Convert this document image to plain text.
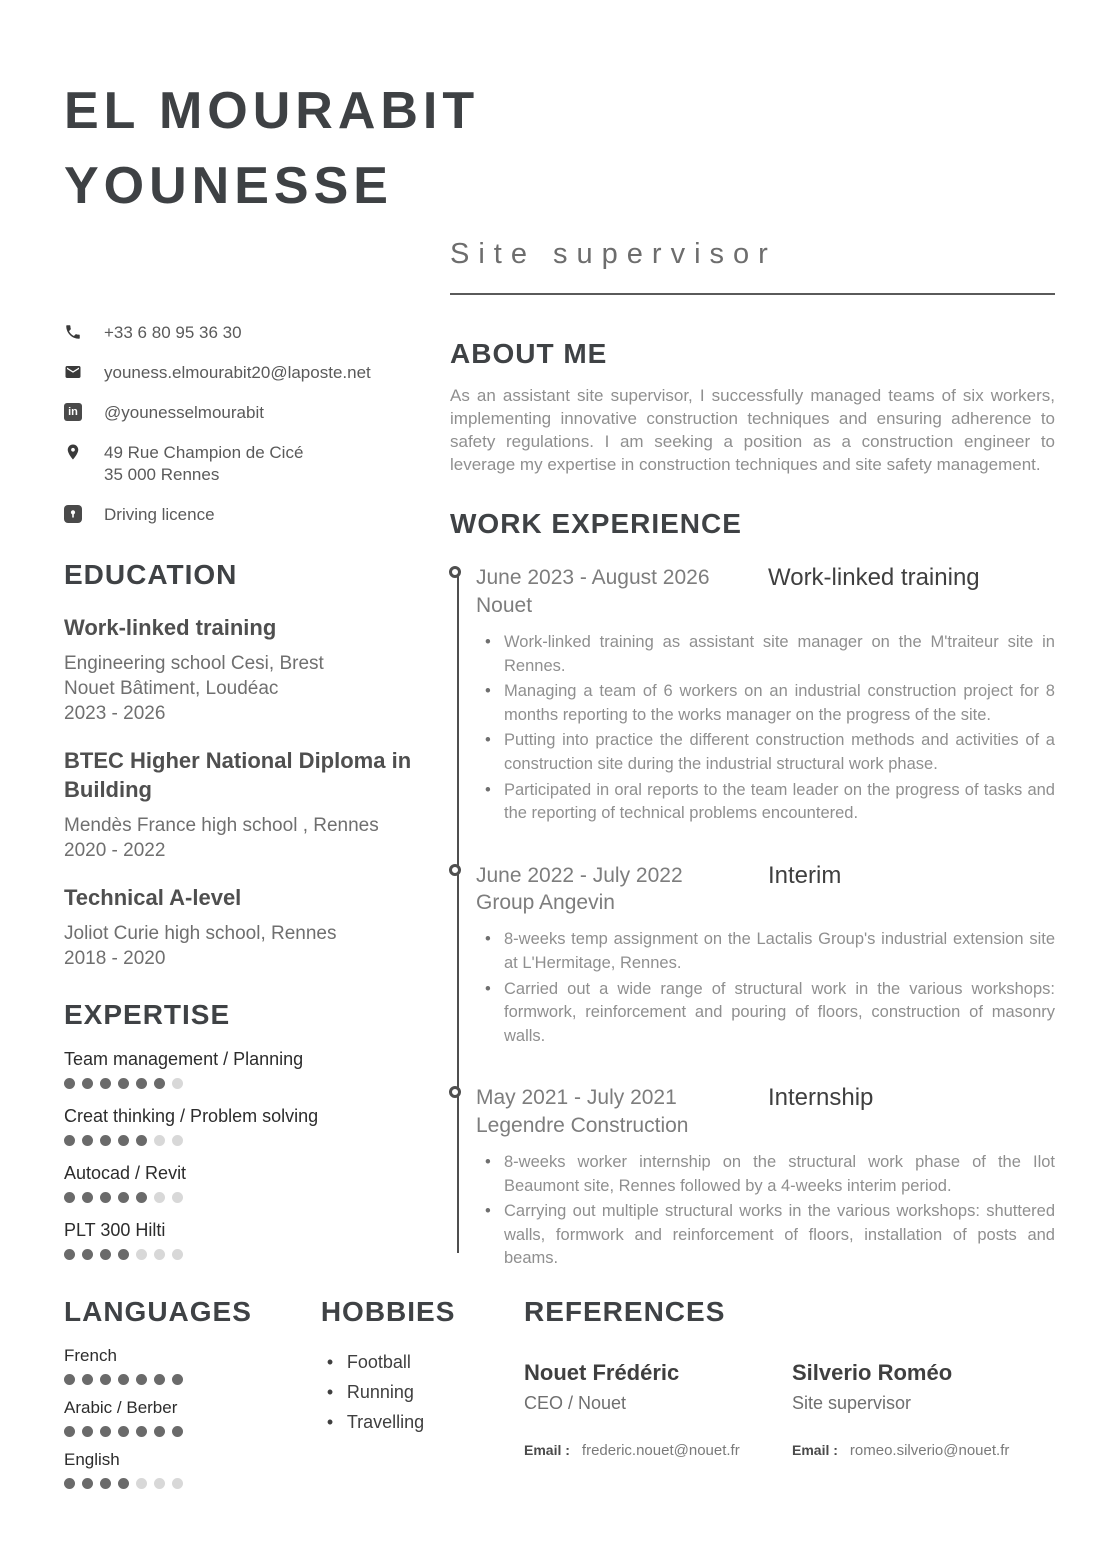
EL MOURABIT
YOUNESSE
Site supervisor
+33 6 80 95 36 30
youness.elmourabit20@laposte.net
in @younesselmourabit
49 Rue Champion de Cicé
35 000 Rennes
Driving licence
EDUCATION
Work-linked training
Engineering school Cesi, Brest
Nouet Bâtiment, Loudéac
2023 - 2026
BTEC Higher National Diploma in Building
Mendès France high school , Rennes
2020 - 2022
Technical A-level
Joliot Curie high school, Rennes
2018 - 2020
EXPERTISE
Team management / Planning
Creat thinking / Problem solving
Autocad / Revit
PLT 300 Hilti
ABOUT ME

As an assistant site supervisor, I successfully managed teams of six workers, implementing innovative construction techniques and ensuring adherence to safety regulations. I am seeking a position as a construction engineer to leverage my expertise in construction techniques and site safety management.

WORK EXPERIENCE
June 2023 - August 2026
Nouet
Work-linked training
• Work-linked training as assistant site manager on the M'traiteur site in Rennes.
• Managing a team of 6 workers on an industrial construction project for 8 months reporting to the works manager on the progress of the site.
• Putting into practice the different construction methods and activities of a construction site during the industrial structural work phase.
• Participated in oral reports to the team leader on the progress of tasks and the reporting of technical problems encountered.
June 2022 - July 2022
Group Angevin
Interim
• 8-weeks temp assignment on the Lactalis Group's industrial extension site at L'Hermitage, Rennes.
• Carried out a wide range of structural work in the various workshops: formwork, reinforcement and pouring of floors, construction of masonry walls.
May 2021 - July 2021
Legendre Construction
Internship
• 8-weeks worker internship on the structural work phase of the Ilot Beaumont site, Rennes followed by a 4-weeks interim period.
• Carrying out multiple structural works in the various workshops: shuttered walls, formwork and reinforcement of floors, installation of posts and beams.
LANGUAGES
French
Arabic / Berber
English
HOBBIES
• Football
• Running
• Travelling
REFERENCES
Nouet Frédéric
CEO / Nouet
Email : frederic.nouet@nouet.fr
Silverio Roméo
Site supervisor
Email : romeo.silverio@nouet.fr
